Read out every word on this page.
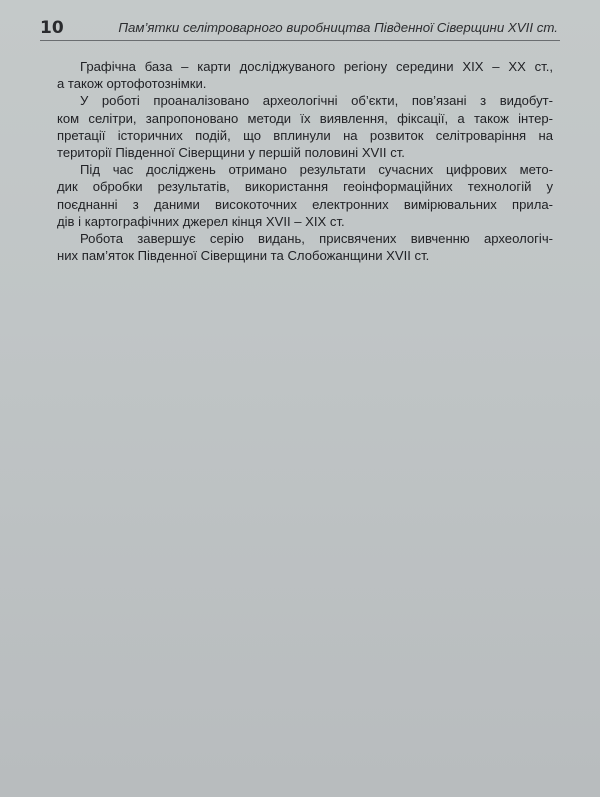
10	Пам’ятки селітроварного виробництва Південної Сіверщини XVII ст.

Графічна база – карти досліджуваного регіону середини XIX – XX ст.,
а також ортофотознімки.

У роботі проаналізовано археологічні об’єкти, пов’язані з видобут-
ком селітри, запропоновано методи їх виявлення, фіксації, а також інтер-
претації історичних подій, що вплинули на розвиток селітроваріння на
території Південної Сіверщини у першій половині XVII ст.

Під час досліджень отримано результати сучасних цифрових мето-
дик обробки результатів, використання геоінформаційних технологій у
поєднанні з даними високоточних електронних вимірювальних прила-
дів і картографічних джерел кінця XVII – XIX ст.

Робота завершує серію видань, присвячених вивченню археологіч-
них пам’яток Південної Сіверщини та Слобожанщини XVII ст.
